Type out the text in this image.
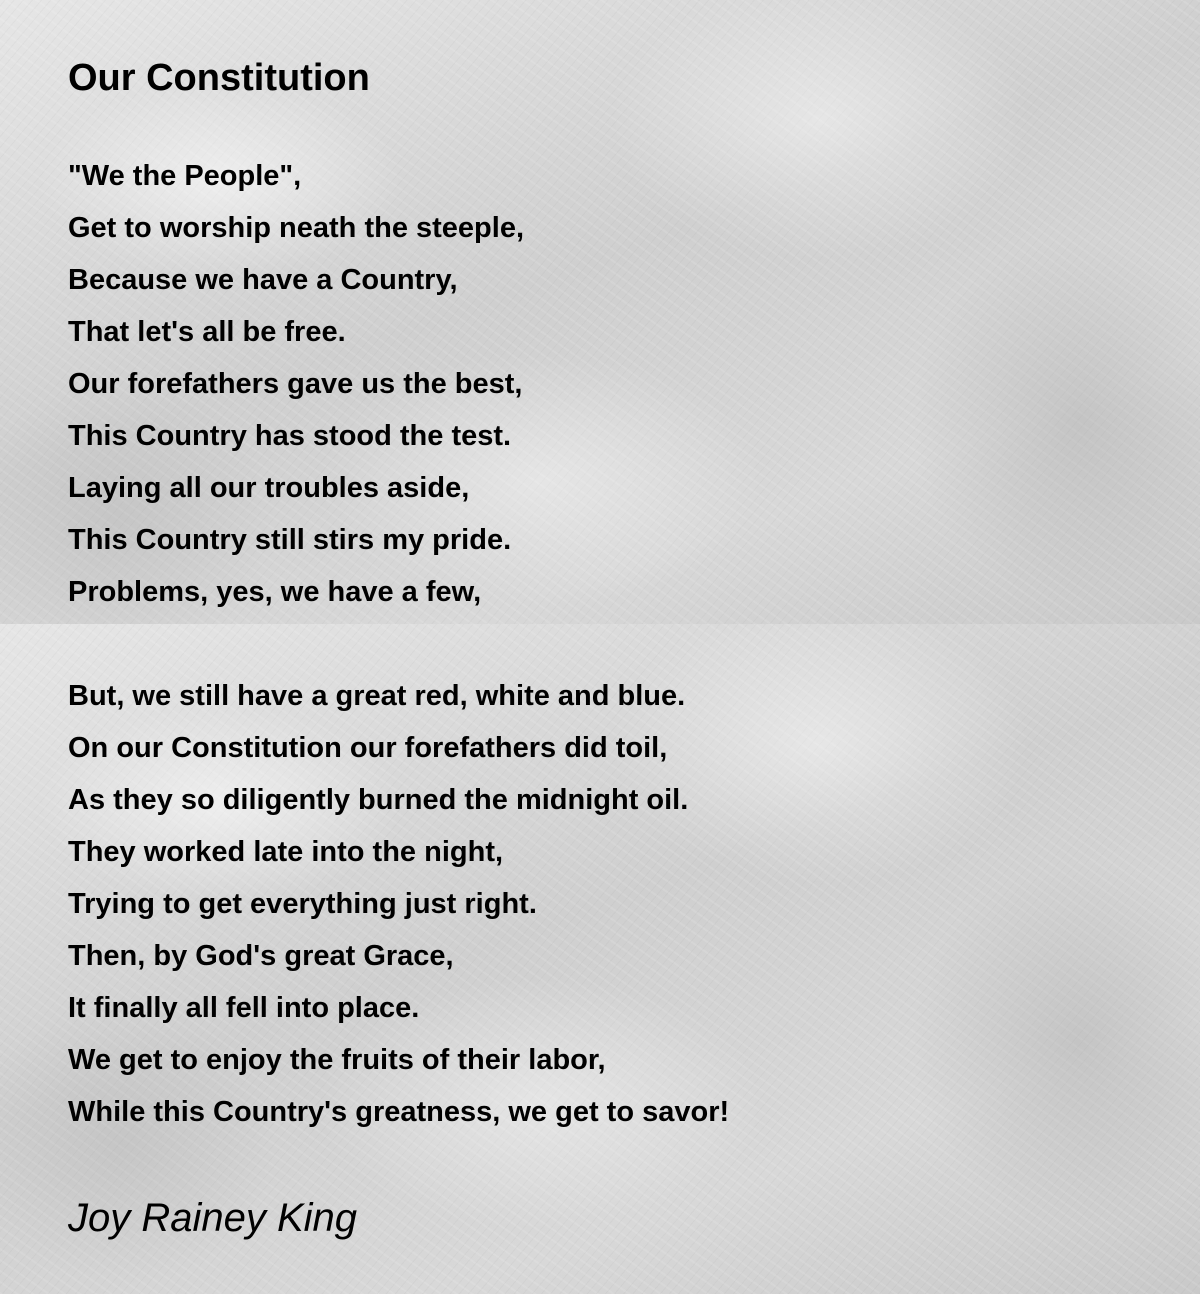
Our Constitution
"We the People",
Get to worship neath the steeple,
Because we have a Country,
That let's all be free.
Our forefathers gave us the best,
This Country has stood the test.
Laying all our troubles aside,
This Country still stirs my pride.
Problems, yes, we have a few,
But, we still have a great red, white and blue.
On our Constitution our forefathers did toil,
As they so diligently burned the midnight oil.
They worked late into the night,
Trying to get everything just right.
Then, by God's great Grace,
It finally all fell into place.
We get to enjoy the fruits of their labor,
While this Country's greatness, we get to savor!
Joy Rainey King
